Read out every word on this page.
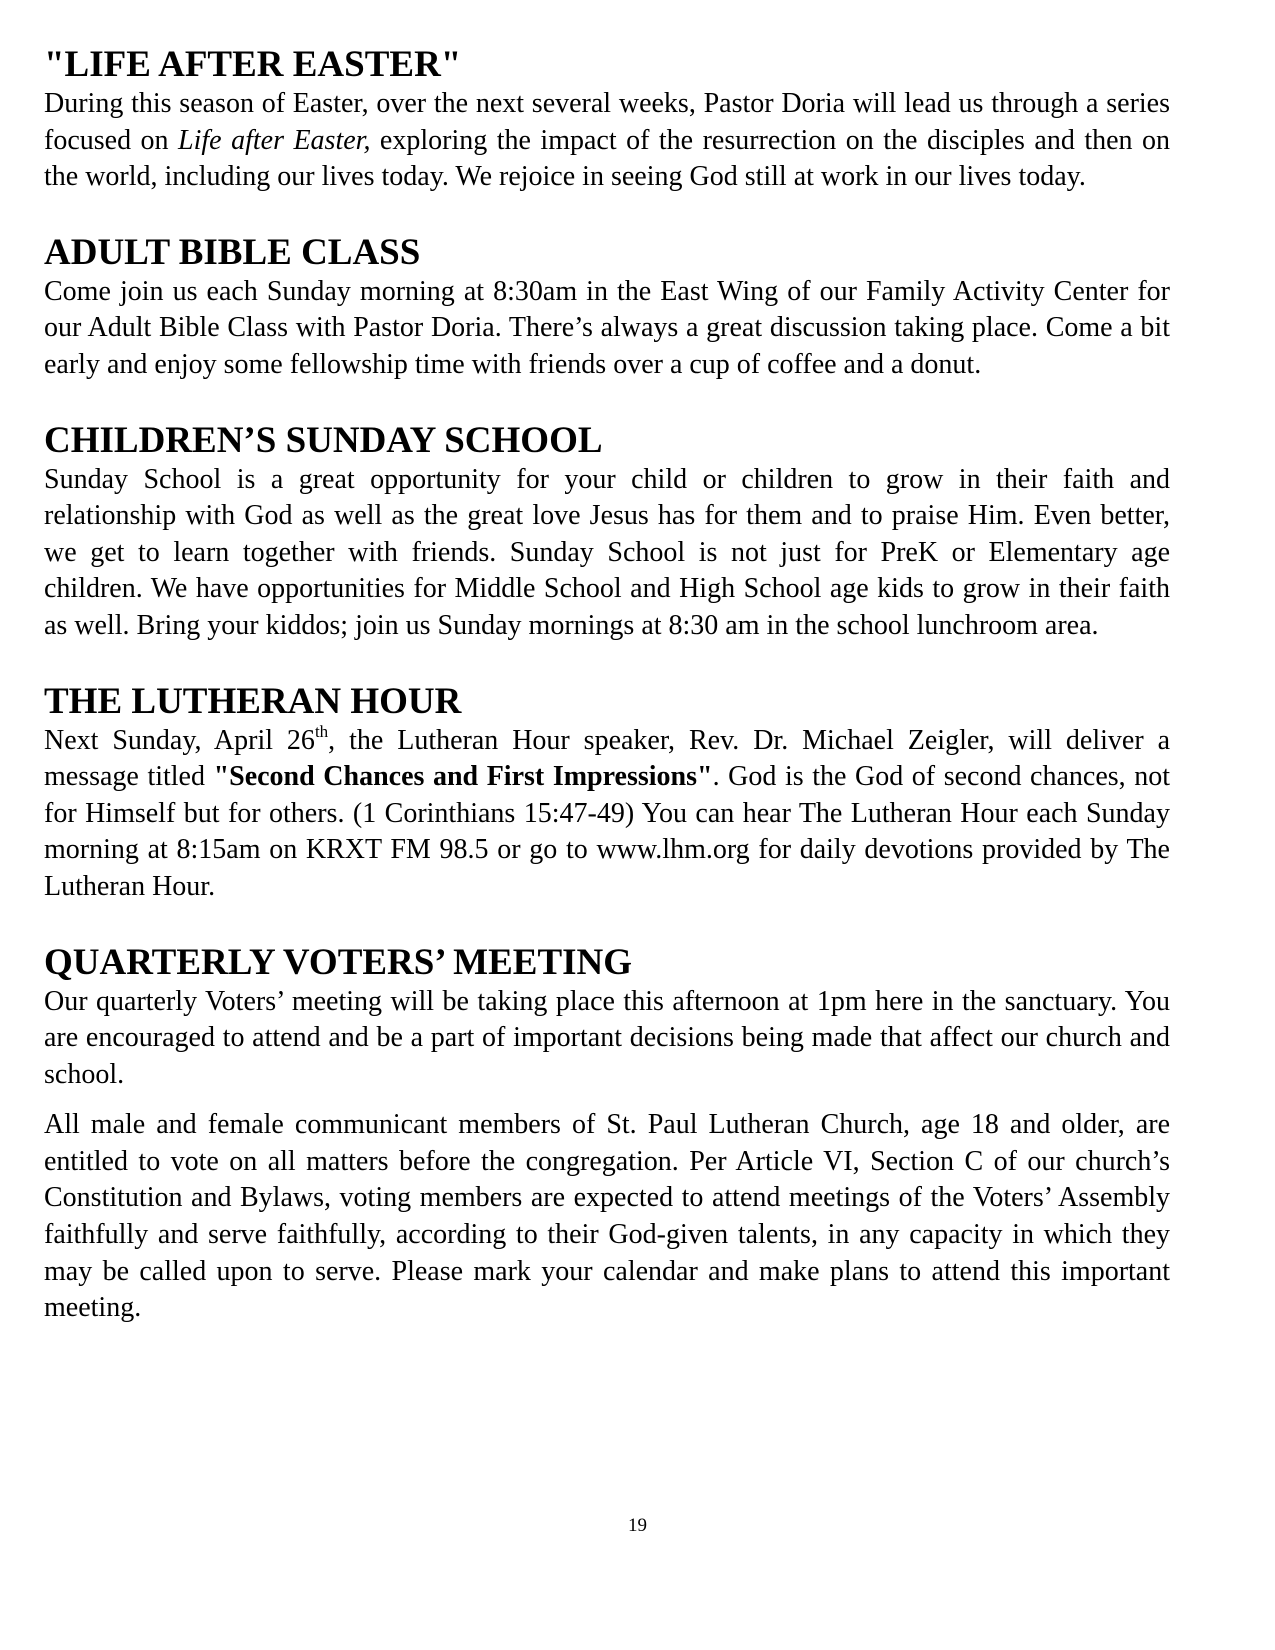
"LIFE AFTER EASTER"

During this season of Easter, over the next several weeks, Pastor Doria will lead us through a series focused on Life after Easter, exploring the impact of the resurrection on the disciples and then on the world, including our lives today. We rejoice in seeing God still at work in our lives today.

ADULT BIBLE CLASS

Come join us each Sunday morning at 8:30am in the East Wing of our Family Activity Center for our Adult Bible Class with Pastor Doria. There’s always a great discussion taking place. Come a bit early and enjoy some fellowship time with friends over a cup of coffee and a donut.

CHILDREN’S SUNDAY SCHOOL

Sunday School is a great opportunity for your child or children to grow in their faith and relationship with God as well as the great love Jesus has for them and to praise Him. Even better, we get to learn together with friends. Sunday School is not just for PreK or Elementary age children. We have opportunities for Middle School and High School age kids to grow in their faith as well. Bring your kiddos; join us Sunday mornings at 8:30 am in the school lunchroom area.

THE LUTHERAN HOUR

Next Sunday, April 26th, the Lutheran Hour speaker, Rev. Dr. Michael Zeigler, will deliver a message titled "Second Chances and First Impressions". God is the God of second chances, not for Himself but for others. (1 Corinthians 15:47-49) You can hear The Lutheran Hour each Sunday morning at 8:15am on KRXT FM 98.5 or go to www.lhm.org for daily devotions provided by The Lutheran Hour.

QUARTERLY VOTERS’ MEETING

Our quarterly Voters’ meeting will be taking place this afternoon at 1pm here in the sanctuary. You are encouraged to attend and be a part of important decisions being made that affect our church and school.

All male and female communicant members of St. Paul Lutheran Church, age 18 and older, are entitled to vote on all matters before the congregation. Per Article VI, Section C of our church’s Constitution and Bylaws, voting members are expected to attend meetings of the Voters’ Assembly faithfully and serve faithfully, according to their God-given talents, in any capacity in which they may be called upon to serve. Please mark your calendar and make plans to attend this important meeting.

19
